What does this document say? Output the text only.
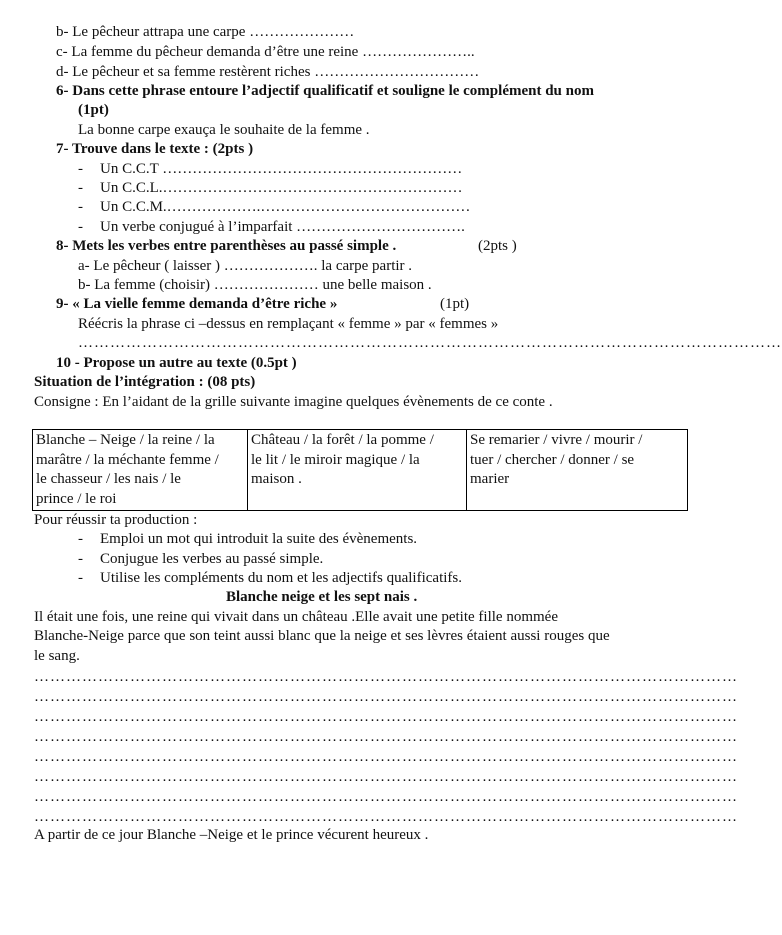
b- Le pêcheur attrapa une carpe …………………
c- La femme du pêcheur demanda d’être une reine …………………..
d- Le pêcheur et sa femme restèrent riches ……………………………
6- Dans cette phrase entoure l’adjectif qualificatif et souligne le complément du nom
(1pt)
La bonne carpe exauça le souhaite de la femme .
7- Trouve dans le texte : (2pts )
- Un C.C.T ……………………………………………………
- Un C.C.L.……………………………………………………
- Un C.C.M.……………….……………………………………
- Un verbe conjugué à l’imparfait …………………………….
8- Mets les verbes entre parenthèses au passé simple .	(2pts )
a- Le pêcheur ( laisser ) ………………. la carpe partir .
b- La femme (choisir) ………………… une belle maison .
9- « La vielle femme demanda d’être riche »	(1pt)
Réécris la phrase ci –dessus en remplaçant « femme » par « femmes »
……………………………………………………………………………………………………………………
10 - Propose un autre au texte (0.5pt )
Situation de l’intégration : (08 pts)
Consigne : En l’aidant de la grille suivante imagine quelques évènements de ce conte .
Blanche – Neige / la reine / la
marâtre / la méchante femme /
le chasseur / les nais / le
prince / le roi	Château / la forêt / la pomme /
le lit / le miroir magique / la
maison .	Se remarier / vivre / mourir /
tuer / chercher / donner / se
marier
Pour réussir ta production :
- Emploi un mot qui introduit la suite des évènements.
- Conjugue les verbes au passé simple.
- Utilise les compléments du nom et les adjectifs qualificatifs.
Blanche neige et les sept nais .
Il était une fois, une reine qui vivait dans un château .Elle avait une petite fille nommée
Blanche-Neige parce que son teint aussi blanc que la neige et ses lèvres étaient aussi rouges que
le sang.
……………………………………………………………………………………………………………………
……………………………………………………………………………………………………………………
……………………………………………………………………………………………………………………
……………………………………………………………………………………………………………………
……………………………………………………………………………………………………………………
……………………………………………………………………………………………………………………
……………………………………………………………………………………………………………………
……………………………………………………………………………………………………………………
A partir de ce jour Blanche –Neige et le prince vécurent heureux .
